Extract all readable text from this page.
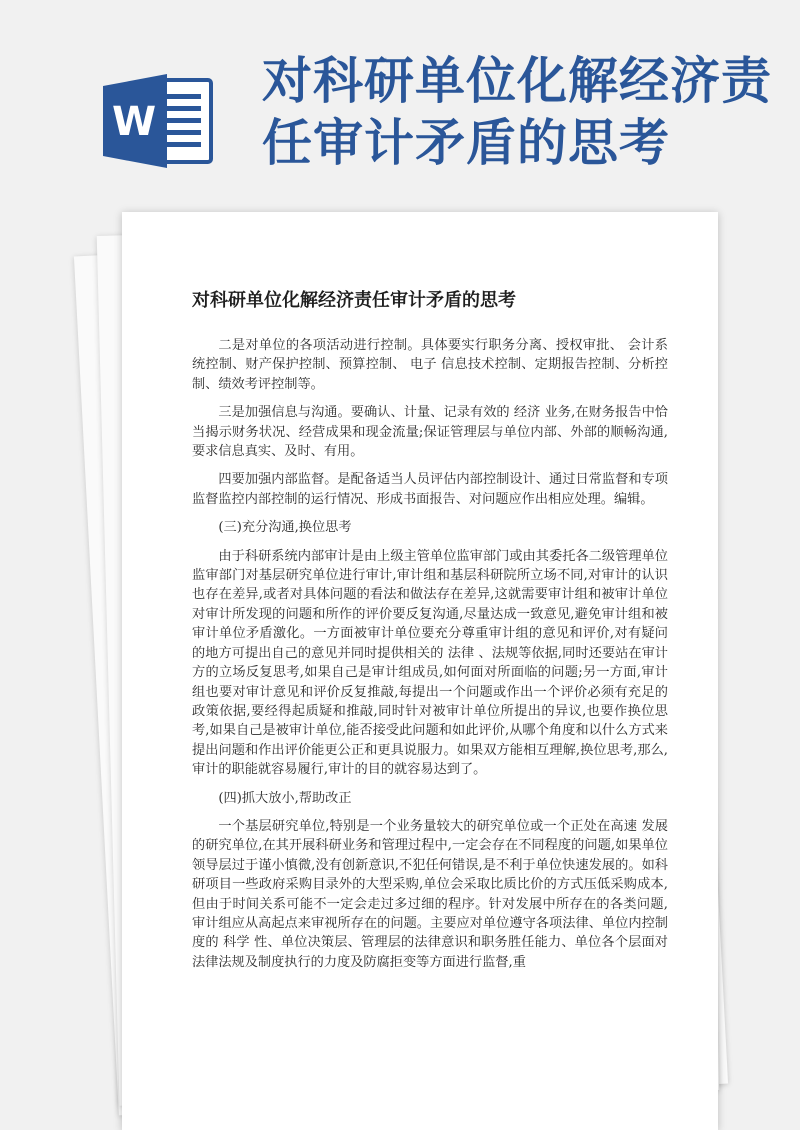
W
对科研单位化解经济责
任审计矛盾的思考
对科研单位化解经济责任审计矛盾的思考

二是对单位的各项活动进行控制。具体要实行职务分离、授权审批、 会计系统控制、财产保护控制、预算控制、 电子 信息技术控制、定期报告控制、分析控制、绩效考评控制等。

三是加强信息与沟通。要确认、计量、记录有效的 经济 业务,在财务报告中恰当揭示财务状况、经营成果和现金流量;保证管理层与单位内部、外部的顺畅沟通,要求信息真实、及时、有用。

四要加强内部监督。是配备适当人员评估内部控制设计、通过日常监督和专项监督监控内部控制的运行情况、形成书面报告、对问题应作出相应处理。编辑。

(三)充分沟通,换位思考

由于科研系统内部审计是由上级主管单位监审部门或由其委托各二级管理单位监审部门对基层研究单位进行审计,审计组和基层科研院所立场不同,对审计的认识也存在差异,或者对具体问题的看法和做法存在差异,这就需要审计组和被审计单位对审计所发现的问题和所作的评价要反复沟通,尽量达成一致意见,避免审计组和被审计单位矛盾激化。一方面被审计单位要充分尊重审计组的意见和评价,对有疑问的地方可提出自己的意见并同时提供相关的 法律 、法规等依据,同时还要站在审计方的立场反复思考,如果自己是审计组成员,如何面对所面临的问题;另一方面,审计组也要对审计意见和评价反复推敲,每提出一个问题或作出一个评价必须有充足的政策依据,要经得起质疑和推敲,同时针对被审计单位所提出的异议,也要作换位思考,如果自己是被审计单位,能否接受此问题和如此评价,从哪个角度和以什么方式来提出问题和作出评价能更公正和更具说服力。如果双方能相互理解,换位思考,那么,审计的职能就容易履行,审计的目的就容易达到了。

(四)抓大放小,帮助改正

一个基层研究单位,特别是一个业务量较大的研究单位或一个正处在高速 发展 的研究单位,在其开展科研业务和管理过程中,一定会存在不同程度的问题,如果单位领导层过于谨小慎微,没有创新意识,不犯任何错误,是不利于单位快速发展的。如科研项目一些政府采购目录外的大型采购,单位会采取比质比价的方式压低采购成本,但由于时间关系可能不一定会走过多过细的程序。针对发展中所存在的各类问题,审计组应从高起点来审视所存在的问题。主要应对单位遵守各项法律、单位内控制度的 科学 性、单位决策层、管理层的法律意识和职务胜任能力、单位各个层面对法律法规及制度执行的力度及防腐拒变等方面进行监督,重
